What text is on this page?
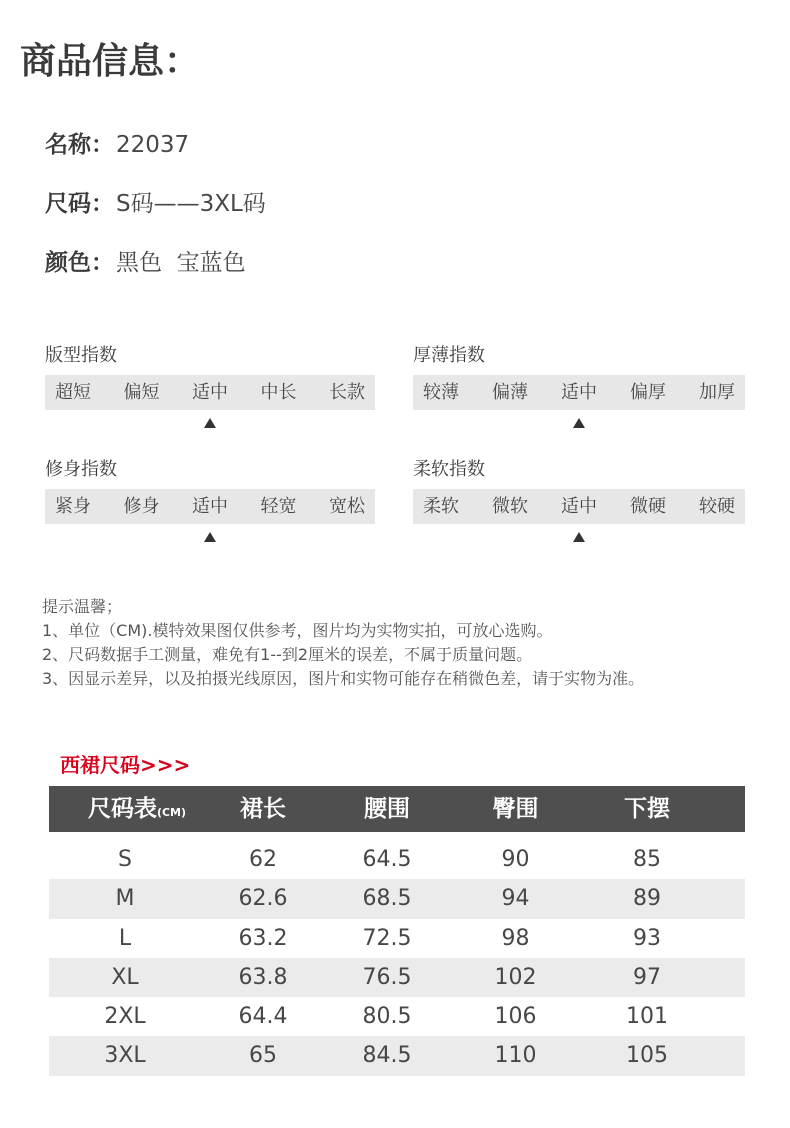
商品信息：
名称： 22037
尺码： S码——3XL码
颜色： 黑色  宝蓝色
版型指数
超短 偏短 适中 中长 长款
厚薄指数
较薄 偏薄 适中 偏厚 加厚
修身指数
紧身 修身 适中 轻宽 宽松
柔软指数
柔软 微软 适中 微硬 较硬
提示温馨；
1、单位（CM).模特效果图仅供参考，图片均为实物实拍，可放心选购。
2、尺码数据手工测量，难免有1--到2厘米的误差，不属于质量问题。
3、因显示差异，以及拍摄光线原因，图片和实物可能存在稍微色差，请于实物为准。
西裙尺码>>>
尺码表(CM)	裙长	腰围	臀围	下摆
S	62	64.5	90	85
M	62.6	68.5	94	89
L	63.2	72.5	98	93
XL	63.8	76.5	102	97
2XL	64.4	80.5	106	101
3XL	65	84.5	110	105
